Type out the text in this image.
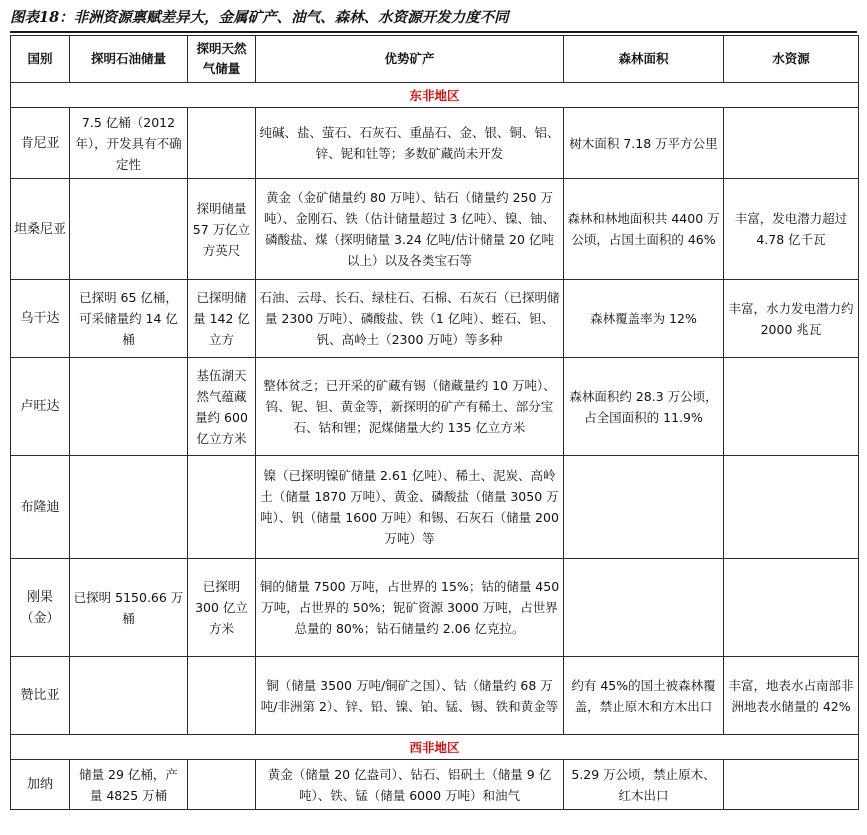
图表18：非洲资源禀赋差异大，金属矿产、油气、森林、水资源开发力度不同
国别	探明石油储量	探明天然气储量	优势矿产	森林面积	水资源
东非地区					
肯尼亚	7.5 亿桶（2012 年），开发具有不确定性		纯碱、盐、萤石、石灰石、重晶石、金、银、铜、铝、锌、铌和钍等；多数矿藏尚未开发	树木面积 7.18 万平方公里	
坦桑尼亚		探明储量 57 万亿立方英尺	黄金（金矿储量约 80 万吨）、钻石（储量约 250 万吨）、金刚石、铁（估计储量超过 3 亿吨）、镍、铀、磷酸盐、煤（探明储量 3.24 亿吨/估计储量 20 亿吨以上）以及各类宝石等	森林和林地面积共 4400 万公顷，占国土面积的 46%	丰富，发电潜力超过 4.78 亿千瓦
乌干达	已探明 65 亿桶，可采储量约 14 亿桶	已探明储量 142 亿立方	石油、云母、长石、绿柱石、石棉、石灰石（已探明储量 2300 万吨）、磷酸盐、铁（1 亿吨）、蛭石、钽、钒、高岭土（2300 万吨）等多种	森林覆盖率为 12%	丰富，水力发电潜力约 2000 兆瓦
卢旺达		基伍湖天然气蕴藏量约 600 亿立方米	整体贫乏；已开采的矿藏有锡（储藏量约 10 万吨）、钨、铌、钽、黄金等，新探明的矿产有稀土、部分宝石、钴和锂；泥煤储量大约 135 亿立方米	森林面积约 28.3 万公顷，占全国面积的 11.9%	
布隆迪			镍（已探明镍矿储量 2.61 亿吨）、稀土、泥炭、高岭土（储量 1870 万吨）、黄金、磷酸盐（储量 3050 万吨）、钒（储量 1600 万吨）和锡、石灰石（储量 200 万吨）等		
刚果（金）	已探明 5150.66 万桶	已探明 300 亿立方米	铜的储量 7500 万吨，占世界的 15%；钴的储量 450 万吨，占世界的 50%；铌矿资源 3000 万吨，占世界总量的 80%；钻石储量约 2.06 亿克拉。		
赞比亚			铜（储量 3500 万吨/铜矿之国）、钴（储量约 68 万吨/非洲第 2）、锌、铅、镍、铂、锰、锡、铁和黄金等	约有 45%的国土被森林覆盖，禁止原木和方木出口	丰富，地表水占南部非洲地表水储量的 42%
西非地区					
加纳	储量 29 亿桶，产量 4825 万桶		黄金（储量 20 亿盎司）、钻石、铝矾土（储量 9 亿吨）、铁、锰（储量 6000 万吨）和油气	5.29 万公顷，禁止原木、红木出口	
